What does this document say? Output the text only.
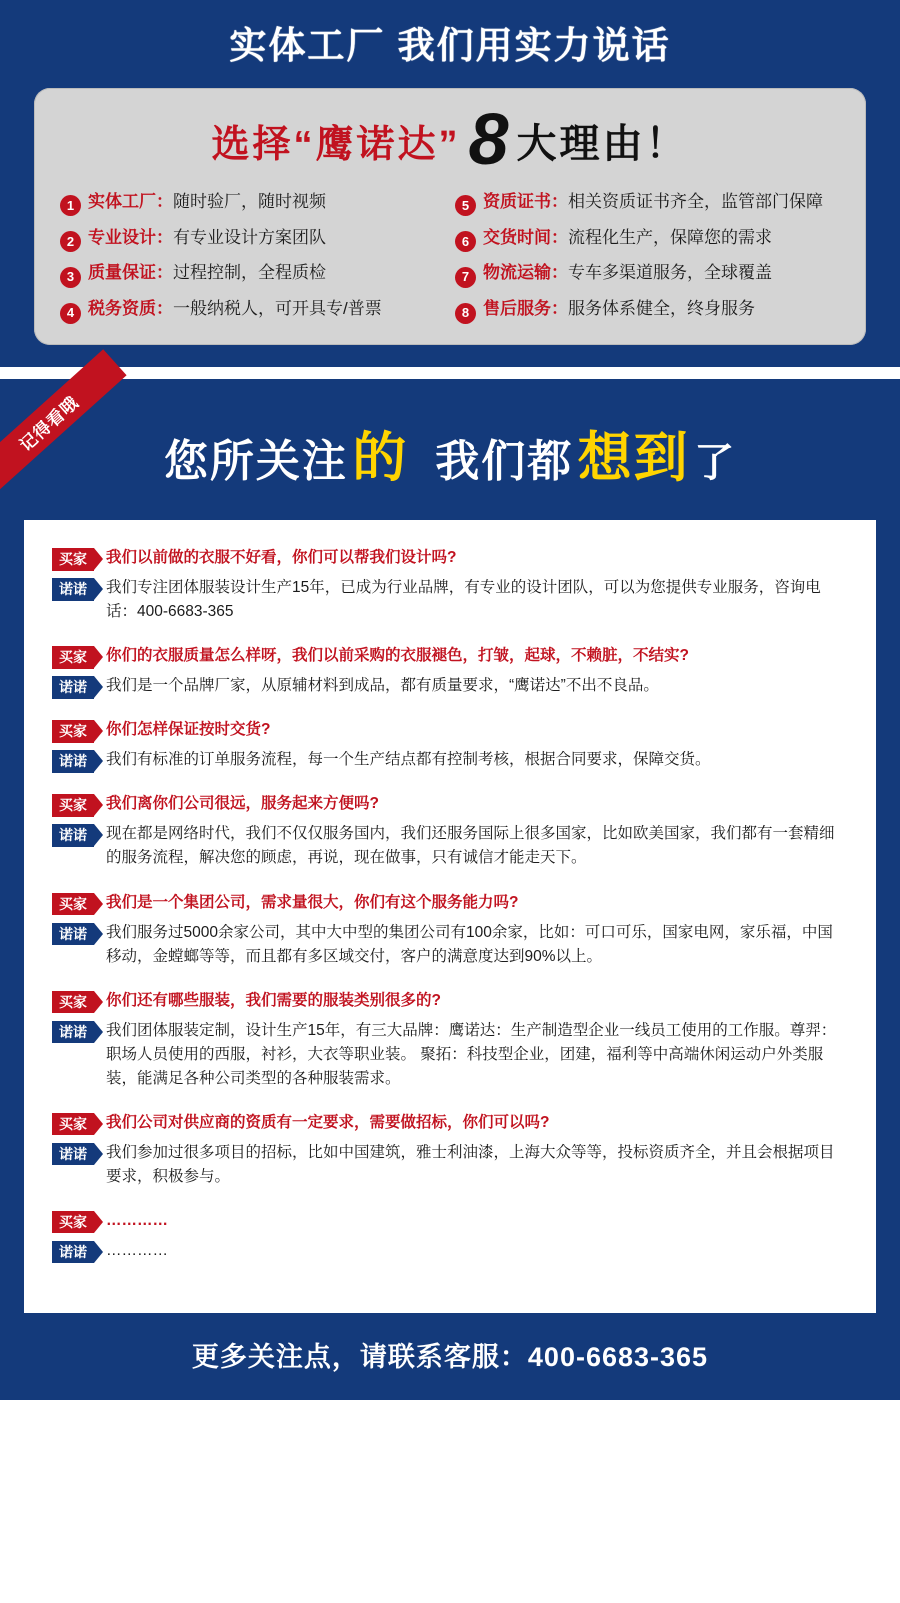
实体工厂 我们用实力说话
选择“鹰诺达” 8 大理由！
1 实体工厂： 随时验厂，随时视频	5 资质证书： 相关资质证书齐全，监管部门保障
2 专业设计： 有专业设计方案团队	6 交货时间： 流程化生产，保障您的需求
3 质量保证： 过程控制，全程质检	7 物流运输： 专车多渠道服务，全球覆盖
4 税务资质： 一般纳税人，可开具专/普票	8 售后服务： 服务体系健全，终身服务
记得看哦
您所关注 的 我们都 想到 了
买家	我们以前做的衣服不好看，你们可以帮我们设计吗?
诺诺	我们专注团体服装设计生产15年，已成为行业品牌，有专业的设计团队，可以为您提供专业服务，咨询电话：400-6683-365
买家	你们的衣服质量怎么样呀，我们以前采购的衣服褪色，打皱，起球，不赖脏，不结实?
诺诺	我们是一个品牌厂家，从原辅材料到成品，都有质量要求，“鹰诺达”不出不良品。
买家	你们怎样保证按时交货?
诺诺	我们有标准的订单服务流程，每一个生产结点都有控制考核，根据合同要求，保障交货。
买家	我们离你们公司很远，服务起来方便吗?
诺诺	现在都是网络时代，我们不仅仅服务国内，我们还服务国际上很多国家，比如欧美国家，我们都有一套精细的服务流程，解决您的顾虑，再说，现在做事，只有诚信才能走天下。
买家	我们是一个集团公司，需求量很大，你们有这个服务能力吗?
诺诺	我们服务过5000余家公司，其中大中型的集团公司有100余家，比如：可口可乐，国家电网，家乐福，中国移动，金螳螂等等，而且都有多区域交付，客户的满意度达到90%以上。
买家	你们还有哪些服装，我们需要的服装类别很多的?
诺诺	我们团体服装定制，设计生产15年，有三大品牌：鹰诺达：生产制造型企业一线员工使用的工作服。尊羿：职场人员使用的西服，衬衫，大衣等职业装。 聚拓：科技型企业，团建，福利等中高端休闲运动户外类服装，能满足各种公司类型的各种服装需求。
买家	我们公司对供应商的资质有一定要求，需要做招标，你们可以吗?
诺诺	我们参加过很多项目的招标，比如中国建筑，雅士利油漆，上海大众等等，投标资质齐全，并且会根据项目要求，积极参与。
买家	…………
诺诺	…………
更多关注点，请联系客服：400-6683-365
